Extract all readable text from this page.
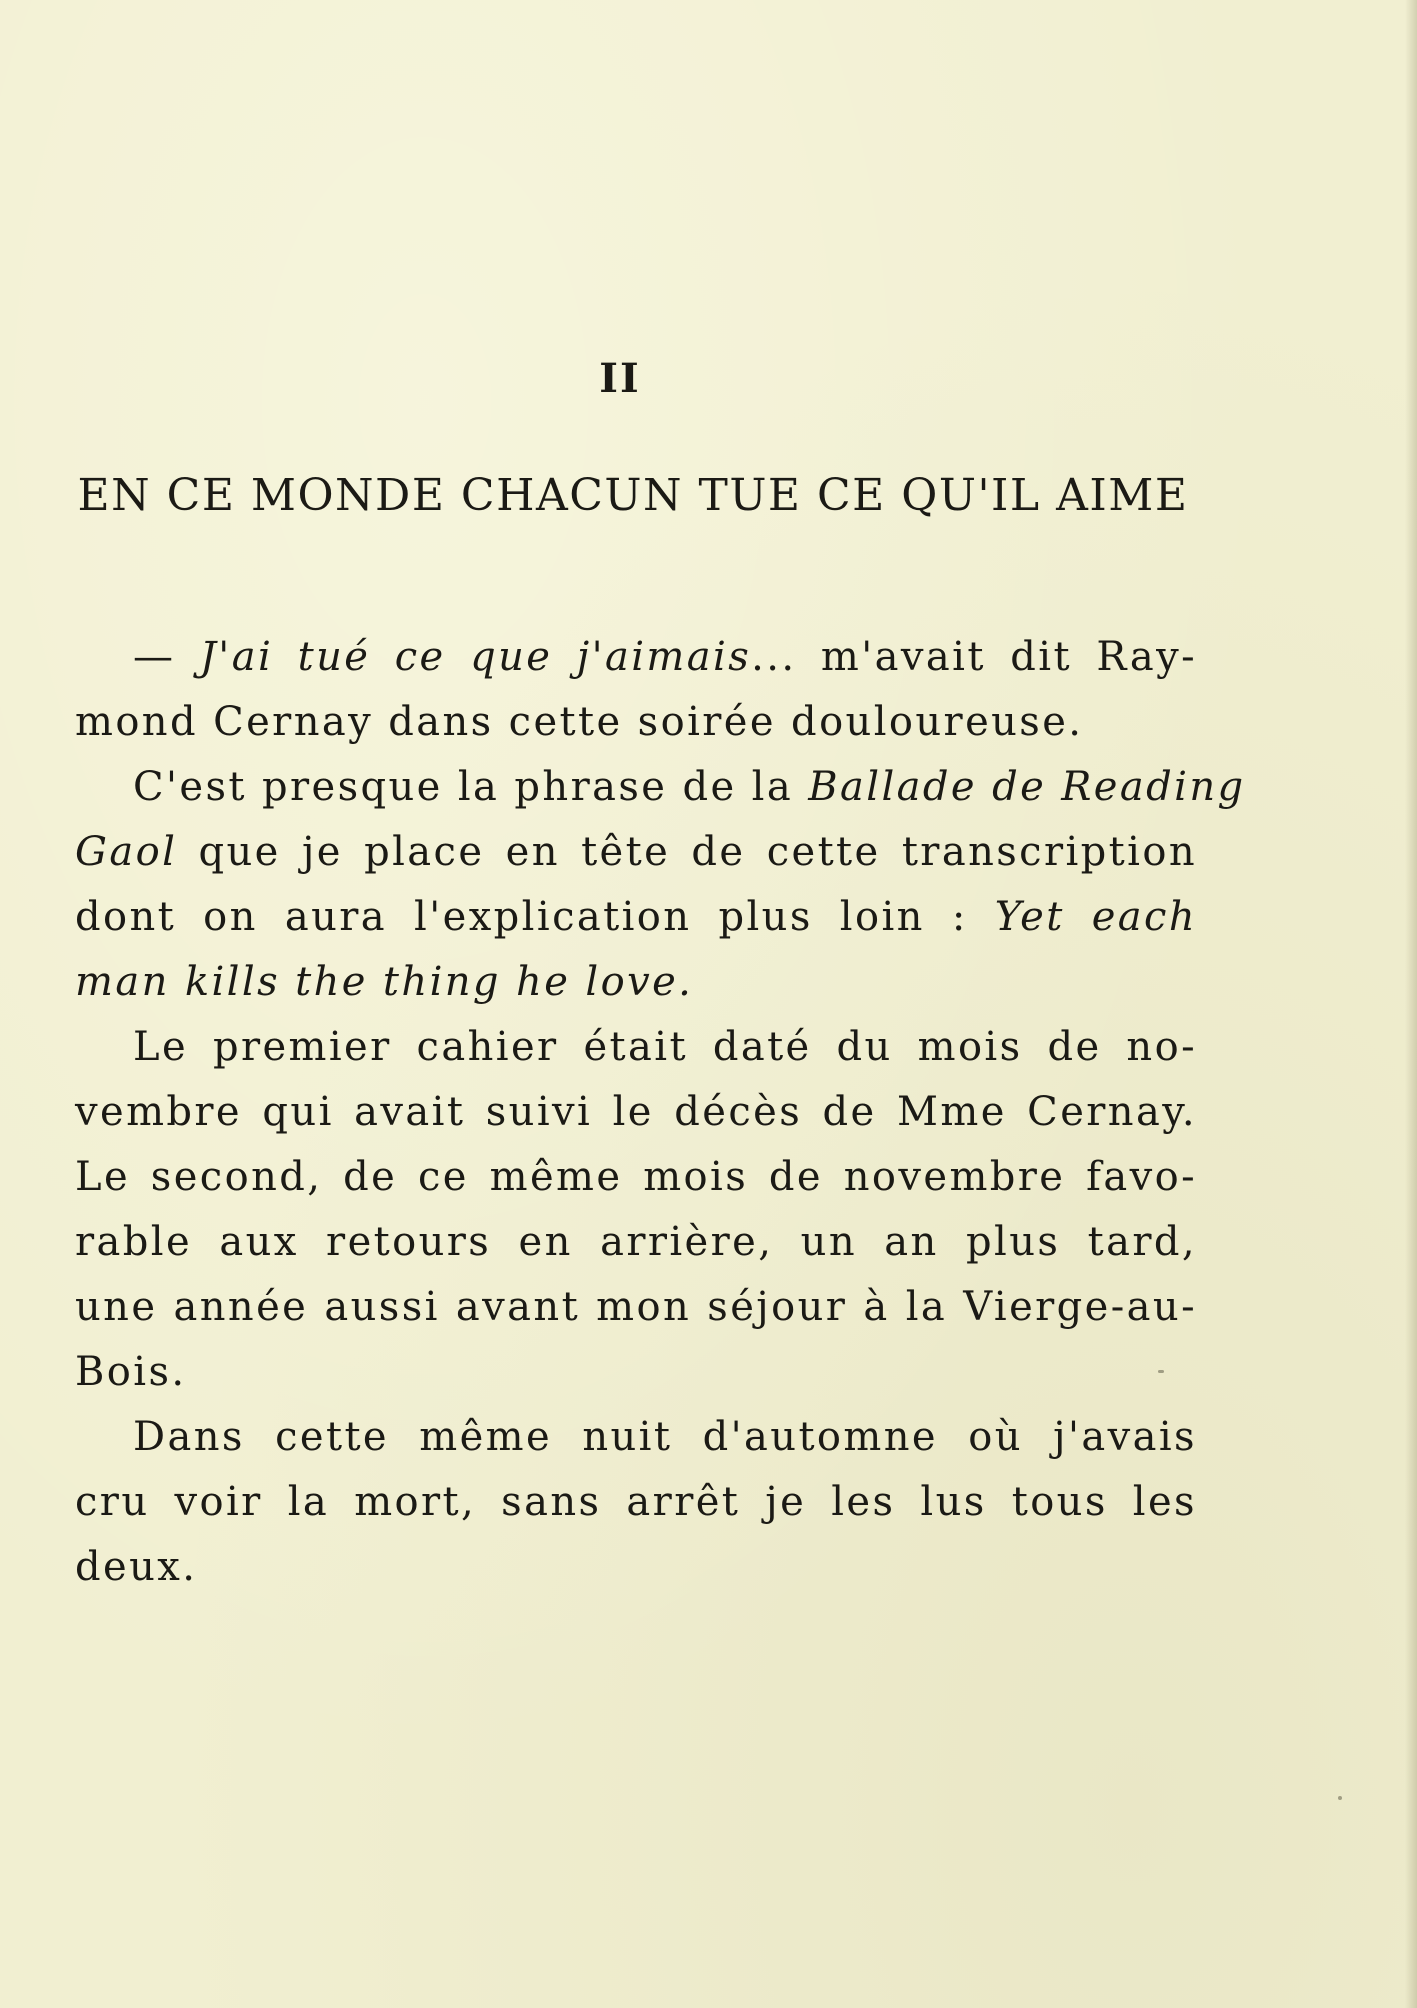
II
EN CE MONDE CHACUN TUE CE QU'IL AIME
— J'ai tué ce que j'aimais... m'avait dit Ray-
mond Cernay dans cette soirée douloureuse.
C'est presque la phrase de la Ballade de Reading
Gaol que je place en tête de cette transcription
dont on aura l'explication plus loin : Yet each
man kills the thing he love.
Le premier cahier était daté du mois de no-
vembre qui avait suivi le décès de Mme Cernay.
Le second, de ce même mois de novembre favo-
rable aux retours en arrière, un an plus tard,
une année aussi avant mon séjour à la Vierge-au-
Bois.
Dans cette même nuit d'automne où j'avais
cru voir la mort, sans arrêt je les lus tous les
deux.
